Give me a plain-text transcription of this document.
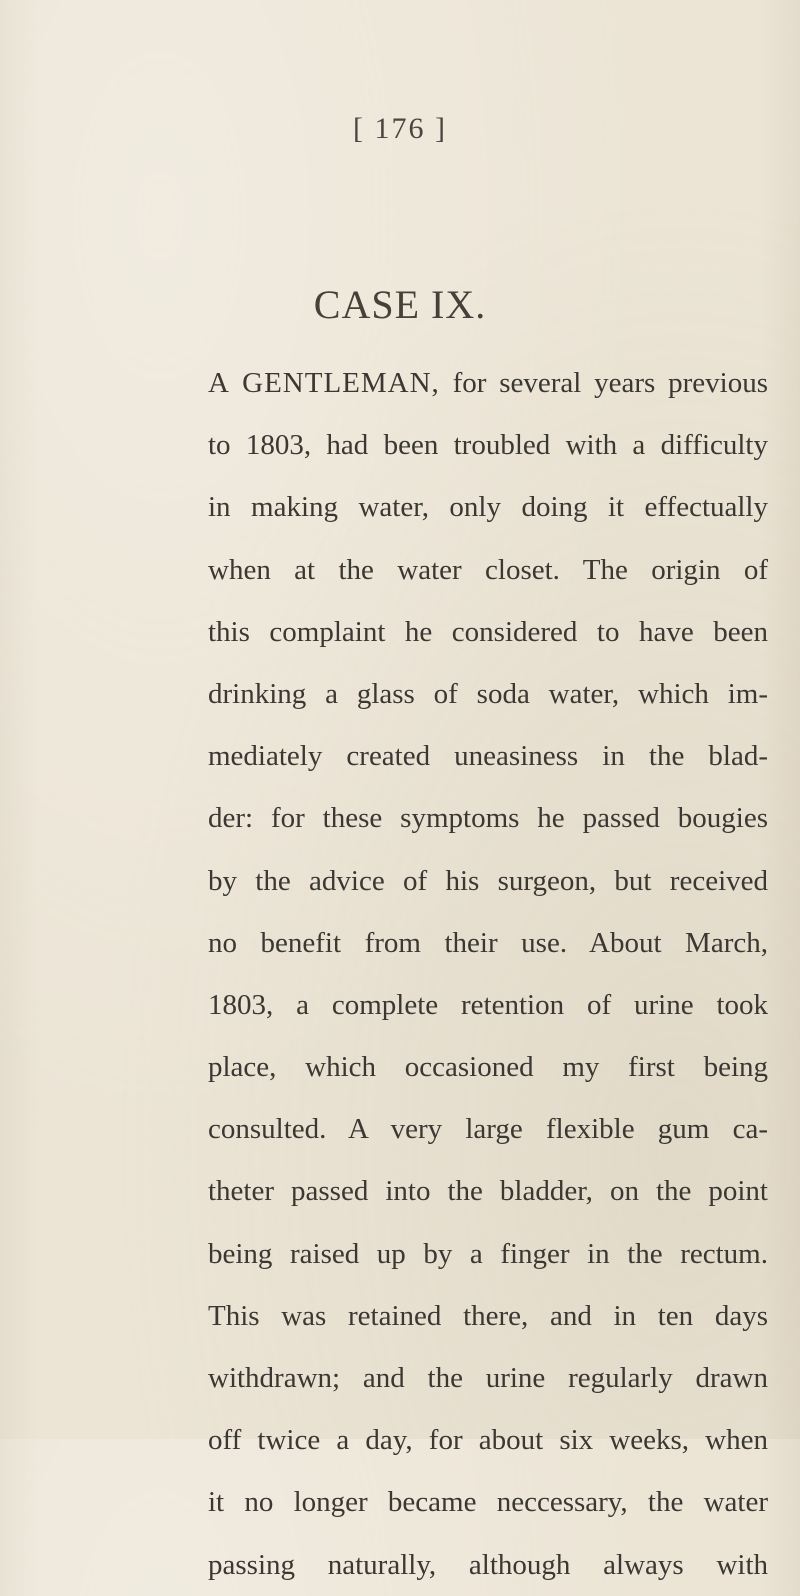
[ 176 ]
CASE IX.
A GENTLEMAN, for several years previous
to 1803, had been troubled with a difficulty
in making water, only doing it effectually
when at the water closet. The origin of
this complaint he considered to have been
drinking a glass of soda water, which im-
mediately created uneasiness in the blad-
der: for these symptoms he passed bougies
by the advice of his surgeon, but received
no benefit from their use. About March,
1803, a complete retention of urine took
place, which occasioned my first being
consulted. A very large flexible gum ca-
theter passed into the bladder, on the point
being raised up by a finger in the rectum.
This was retained there, and in ten days
withdrawn; and the urine regularly drawn
off twice a day, for about six weeks, when
it no longer became neccessary, the water
passing naturally, although always with
